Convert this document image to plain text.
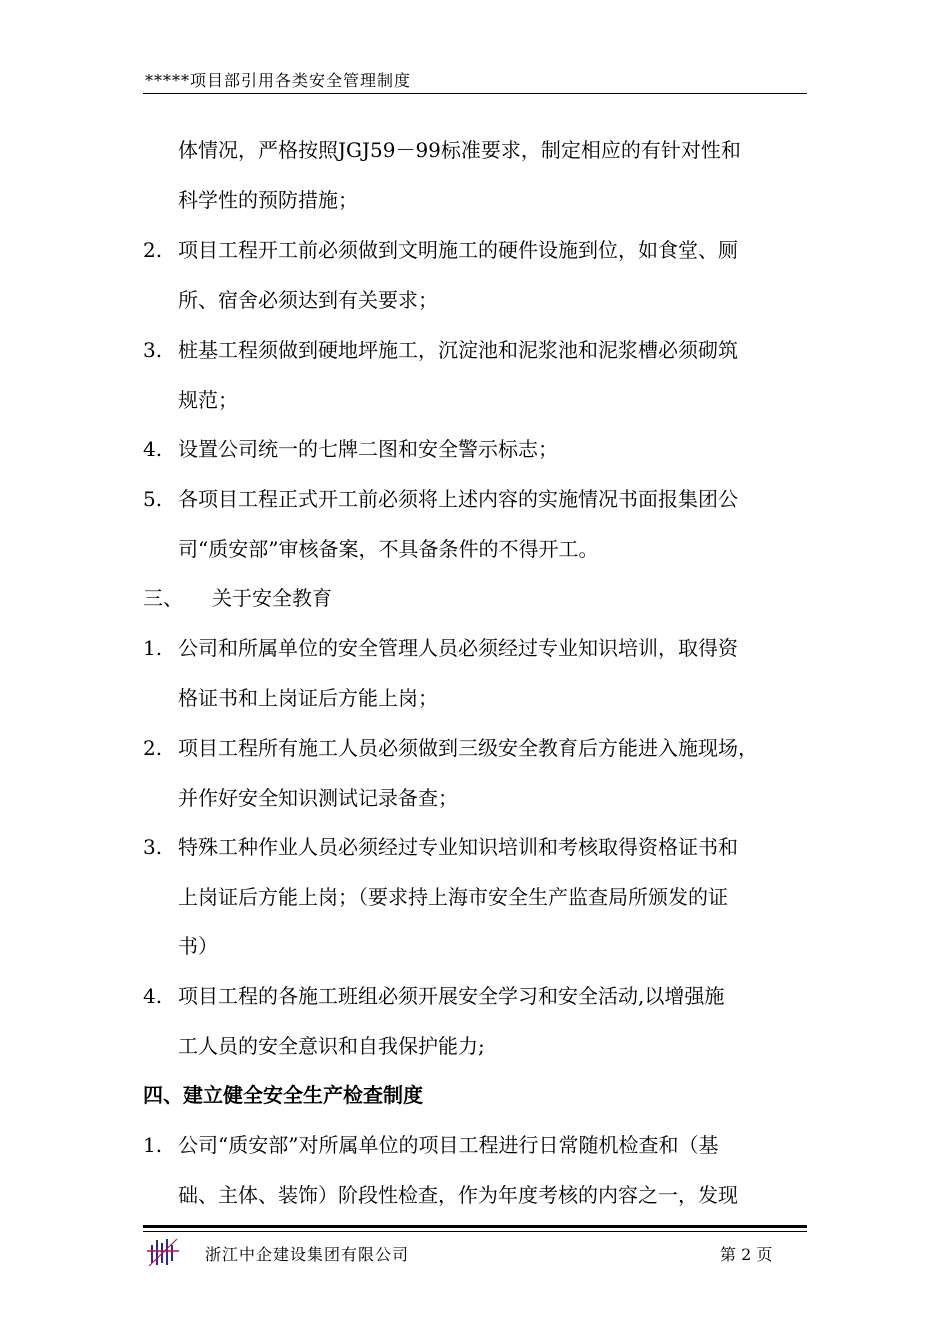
*****项目部引用各类安全管理制度
体情况，严格按照JGJ59－99标准要求，制定相应的有针对性和
科学性的预防措施；
2. 项目工程开工前必须做到文明施工的硬件设施到位，如食堂、厕
所、宿舍必须达到有关要求；
3. 桩基工程须做到硬地坪施工，沉淀池和泥浆池和泥浆槽必须砌筑
规范；
4. 设置公司统一的七牌二图和安全警示标志；
5. 各项目工程正式开工前必须将上述内容的实施情况书面报集团公
司“质安部”审核备案，不具备条件的不得开工。
三、 关于安全教育
1. 公司和所属单位的安全管理人员必须经过专业知识培训，取得资
格证书和上岗证后方能上岗；
2. 项目工程所有施工人员必须做到三级安全教育后方能进入施现场，
并作好安全知识测试记录备查；
3. 特殊工种作业人员必须经过专业知识培训和考核取得资格证书和
上岗证后方能上岗；（要求持上海市安全生产监查局所颁发的证
书）
4. 项目工程的各施工班组必须开展安全学习和安全活动,以增强施
工人员的安全意识和自我保护能力;
四、建立健全安全生产检查制度
1. 公司“质安部”对所属单位的项目工程进行日常随机检查和（基
础、主体、装饰）阶段性检查，作为年度考核的内容之一，发现
浙江中企建设集团有限公司	第 2 页
